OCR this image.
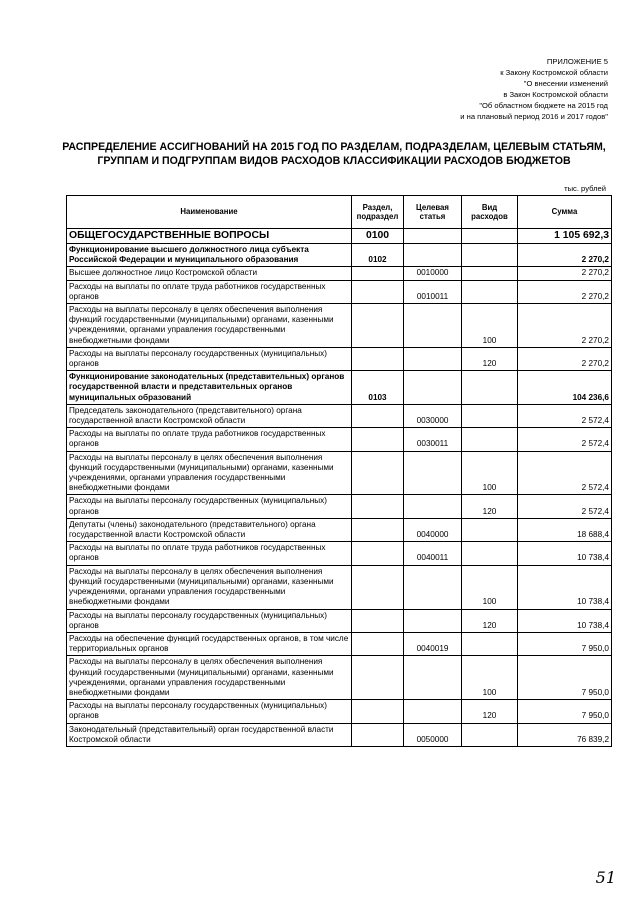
ПРИЛОЖЕНИЕ 5
к Закону Костромской области
"О внесении изменений
в Закон Костромской области
"Об областном бюджете на 2015 год
и на плановый период 2016 и 2017 годов"
РАСПРЕДЕЛЕНИЕ АССИГНОВАНИЙ НА 2015 ГОД ПО РАЗДЕЛАМ, ПОДРАЗДЕЛАМ, ЦЕЛЕВЫМ СТАТЬЯМ,
ГРУППАМ И ПОДГРУППАМ ВИДОВ РАСХОДОВ КЛАССИФИКАЦИИ РАСХОДОВ БЮДЖЕТОВ
тыс. рублей
Наименование	Раздел, подраздел	Целевая статья	Вид расходов	Сумма
ОБЩЕГОСУДАРСТВЕННЫЕ ВОПРОСЫ	0100			1 105 692,3
Функционирование высшего должностного лица субъекта Российской Федерации и муниципального образования	0102			2 270,2
Высшее должностное лицо Костромской области		0010000		2 270,2
Расходы на выплаты по оплате труда работников государственных органов		0010011		2 270,2
Расходы на выплаты персоналу в целях обеспечения выполнения функций государственными (муниципальными) органами, казенными учреждениями, органами управления государственными внебюджетными фондами			100	2 270,2
Расходы на выплаты персоналу государственных (муниципальных) органов			120	2 270,2
Функционирование законодательных (представительных) органов государственной власти и представительных органов муниципальных образований	0103			104 236,6
Председатель законодательного (представительного) органа государственной власти Костромской области		0030000		2 572,4
Расходы на выплаты по оплате труда работников государственных органов		0030011		2 572,4
Расходы на выплаты персоналу в целях обеспечения выполнения функций государственными (муниципальными) органами, казенными учреждениями, органами управления государственными внебюджетными фондами			100	2 572,4
Расходы на выплаты персоналу государственных (муниципальных) органов			120	2 572,4
Депутаты (члены) законодательного (представительного) органа государственной власти Костромской области		0040000		18 688,4
Расходы на выплаты по оплате труда работников государственных органов		0040011		10 738,4
Расходы на выплаты персоналу в целях обеспечения выполнения функций государственными (муниципальными) органами, казенными учреждениями, органами управления государственными внебюджетными фондами			100	10 738,4
Расходы на выплаты персоналу государственных (муниципальных) органов			120	10 738,4
Расходы на обеспечение функций государственных органов, в том числе территориальных органов		0040019		7 950,0
Расходы на выплаты персоналу в целях обеспечения выполнения функций государственными (муниципальными) органами, казенными учреждениями, органами управления государственными внебюджетными фондами			100	7 950,0
Расходы на выплаты персоналу государственных (муниципальных) органов			120	7 950,0
Законодательный (представительный) орган государственной власти Костромской области		0050000		76 839,2
51
